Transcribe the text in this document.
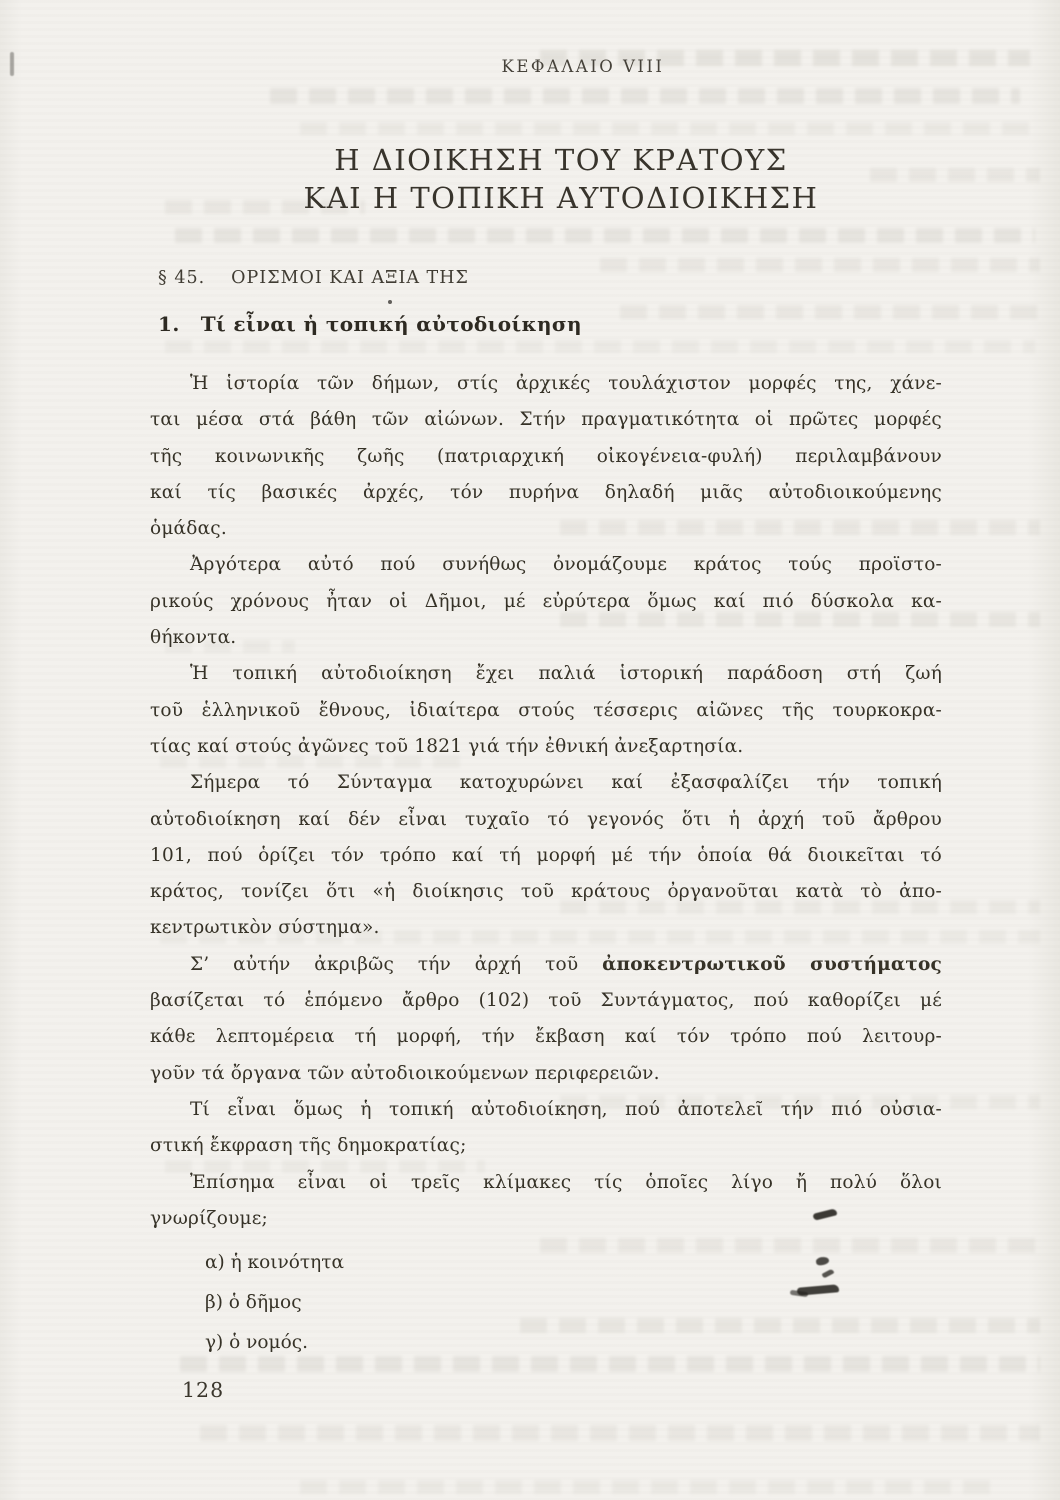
ΚΕΦΑΛΑΙΟ VIII
Η ΔΙΟΙΚΗΣΗ ΤΟΥ ΚΡΑΤΟΥΣ
ΚΑΙ Η ΤΟΠΙΚΗ ΑΥΤΟΔΙΟΙΚΗΣΗ
§ 45. ΟΡΙΣΜΟΙ ΚΑΙ ΑΞΙΑ ΤΗΣ
1. Τί εἶναι ἡ τοπική αὐτοδιοίκηση
Ἡ ἱστορία τῶν δήμων, στίς ἀρχικές τουλάχιστον μορφές της, χάνε-
ται μέσα στά βάθη τῶν αἰώνων. Στήν πραγματικότητα οἱ πρῶτες μορφές
τῆς κοινωνικῆς ζωῆς (πατριαρχική οἰκογένεια-φυλή) περιλαμβάνουν
καί τίς βασικές ἀρχές, τόν πυρήνα δηλαδή μιᾶς αὐτοδιοικούμενης
ὁμάδας.
Ἀργότερα αὐτό πού συνήθως ὀνομάζουμε κράτος τούς προϊστο-
ρικούς χρόνους ἦταν οἱ Δῆμοι, μέ εὐρύτερα ὅμως καί πιό δύσκολα κα-
θήκοντα.
Ἡ τοπική αὐτοδιοίκηση ἔχει παλιά ἱστορική παράδοση στή ζωή
τοῦ ἑλληνικοῦ ἔθνους, ἰδιαίτερα στούς τέσσερις αἰῶνες τῆς τουρκοκρα-
τίας καί στούς ἀγῶνες τοῦ 1821 γιά τήν ἐθνική ἀνεξαρτησία.
Σήμερα τό Σύνταγμα κατοχυρώνει καί ἐξασφαλίζει τήν τοπική
αὐτοδιοίκηση καί δέν εἶναι τυχαῖο τό γεγονός ὅτι ἡ ἀρχή τοῦ ἄρθρου
101, πού ὁρίζει τόν τρόπο καί τή μορφή μέ τήν ὁποία θά διοικεῖται τό
κράτος, τονίζει ὅτι «ἡ διοίκησις τοῦ κράτους ὀργανοῦται κατὰ τὸ ἀπο-
κεντρωτικὸν σύστημα».
Σ’ αὐτήν ἀκριβῶς τήν ἀρχή τοῦ ἀποκεντρωτικοῦ συστήματος
βασίζεται τό ἑπόμενο ἄρθρο (102) τοῦ Συντάγματος, πού καθορίζει μέ
κάθε λεπτομέρεια τή μορφή, τήν ἔκβαση καί τόν τρόπο πού λειτουρ-
γοῦν τά ὄργανα τῶν αὐτοδιοικούμενων περιφερειῶν.
Τί εἶναι ὅμως ἡ τοπική αὐτοδιοίκηση, πού ἀποτελεῖ τήν πιό οὐσια-
στική ἔκφραση τῆς δημοκρατίας;
Ἐπίσημα εἶναι οἱ τρεῖς κλίμακες τίς ὁποῖες λίγο ἤ πολύ ὅλοι
γνωρίζουμε;
α) ἡ κοινότητα
β) ὁ δῆμος
γ) ὁ νομός.
128
